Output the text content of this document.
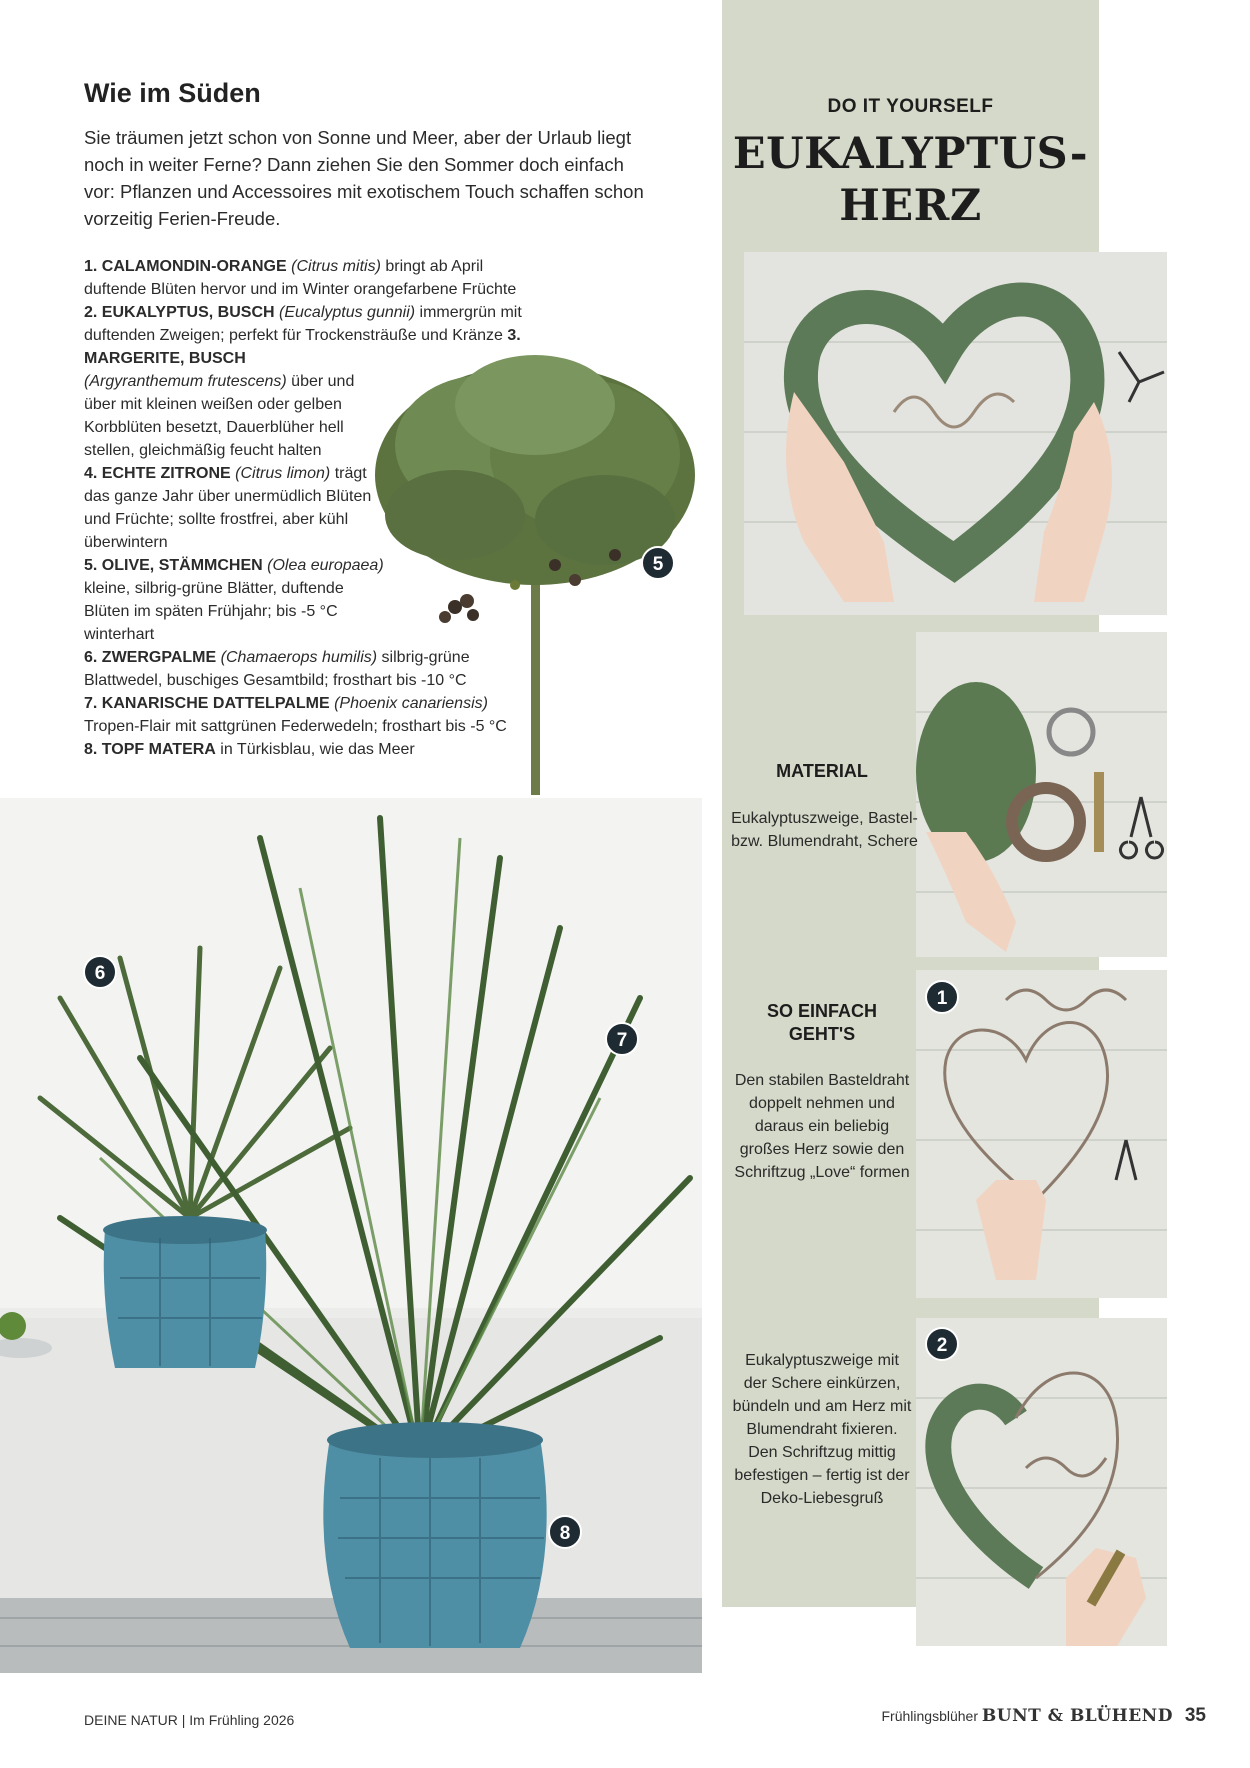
Wie im Süden

Sie träumen jetzt schon von Sonne und Meer, aber der Urlaub liegt noch in weiter Ferne? Dann ziehen Sie den Sommer doch einfach vor: Pflanzen und Accessoires mit exotischem Touch schaffen schon vorzeitig Ferien-Freude.

5

1. CALAMONDIN-ORANGE (Citrus mitis) bringt ab April duftende Blüten hervor und im Winter orangefarbene Früchte 2. EUKALYPTUS, BUSCH (Eucalyptus gunnii) immergrün mit duftenden Zweigen; perfekt für Trockensträuße und Kränze 3. MARGERITE, BUSCH

(Argyranthemum frutescens) über und über mit kleinen weißen oder gelben Korbblüten besetzt, Dauerblüher hell stellen, gleichmäßig feucht halten

4. ECHTE ZITRONE (Citrus limon) trägt das ganze Jahr über unermüdlich Blüten und Früchte; sollte frostfrei, aber kühl überwintern

5. OLIVE, STÄMMCHEN (Olea europaea) kleine, silbrig-grüne Blätter, duftende Blüten im späten Frühjahr; bis -5 °C winterhart

6. ZWERGPALME (Chamaerops humilis) silbrig-grüne Blattwedel, buschiges Gesamtbild; frosthart bis -10 °C

7. KANARISCHE DATTELPALME (Phoenix canariensis) Tropen-Flair mit sattgrünen Federwedeln; frosthart bis -5 °C 8. TOPF MATERA in Türkisblau, wie das Meer

6
7
8
DO IT YOURSELF
EUKALYPTUS-
HERZ
MATERIAL
Eukalyptuszweige, Bastel- bzw. Blumendraht, Schere
1
SO EINFACH GEHT'S
Den stabilen Basteldraht doppelt nehmen und daraus ein beliebig großes Herz sowie den Schriftzug „Love“ formen
2
Eukalyptuszweige mit der Schere einkürzen, bündeln und am Herz mit Blumendraht fixieren. Den Schriftzug mittig befestigen – fertig ist der Deko-Liebesgruß
DEINE NATUR | Im Frühling 2026	Frühlingsblüher BUNT & BLÜHEND 35
